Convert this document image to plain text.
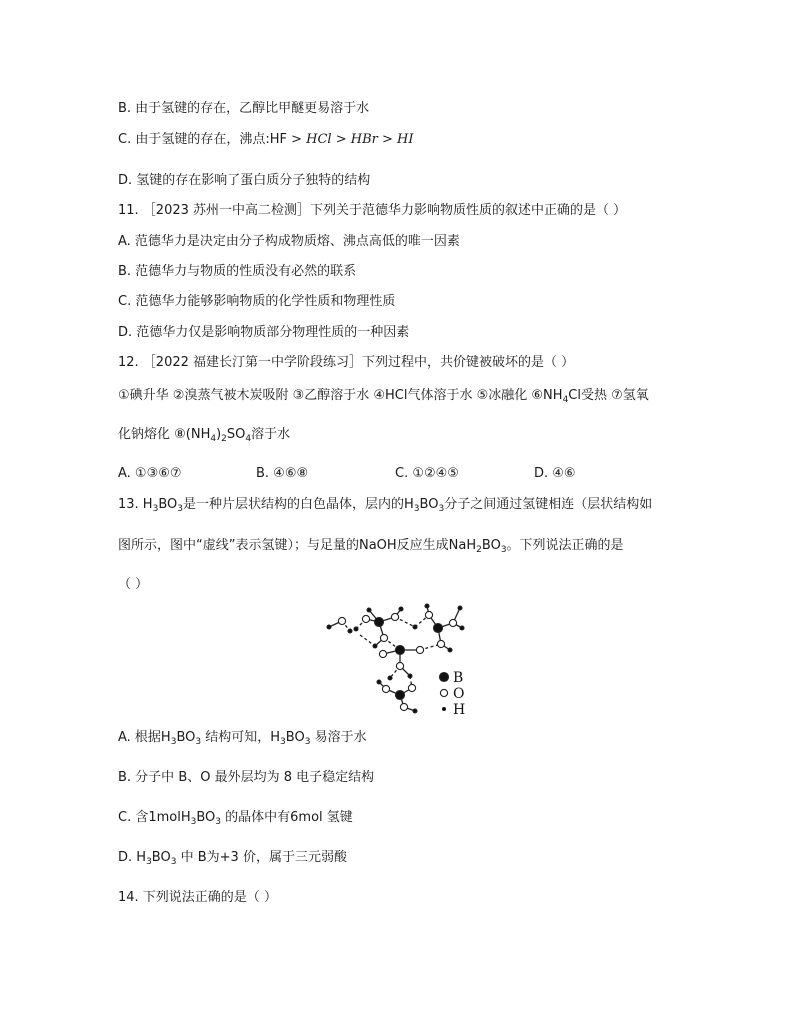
B. 由于氢键的存在，乙醇比甲醚更易溶于水
C. 由于氢键的存在，沸点:HF > HCl > HBr > HI
D. 氢键的存在影响了蛋白质分子独特的结构
11. ［2023 苏州一中高二检测］下列关于范德华力影响物质性质的叙述中正确的是（ ）
A. 范德华力是决定由分子构成物质熔、沸点高低的唯一因素
B. 范德华力与物质的性质没有必然的联系
C. 范德华力能够影响物质的化学性质和物理性质
D. 范德华力仅是影响物质部分物理性质的一种因素
12. ［2022 福建长汀第一中学阶段练习］下列过程中，共价键被破坏的是（ ）
①碘升华 ②溴蒸气被木炭吸附 ③乙醇溶于水 ④HCl气体溶于水 ⑤冰融化 $⑥NH_4Cl$受热 ⑦氢氧
化钠熔化 $⑧(NH_4)_2SO_4$溶于水
A. ①③⑥⑦	B. ④⑥⑧	C. ①②④⑤	D. ④⑥
13. $H_3BO_3$是一种片层状结构的白色晶体，层内的$H_3BO_3$分子之间通过氢键相连（层状结构如
图所示，图中“虚线”表示氢键）；与足量的NaOH反应生成$NaH_2BO_3$。下列说法正确的是
（ ）
B
O
H
A. 根据$H_3BO_3$ 结构可知，$H_3BO_3$ 易溶于水
B. 分子中 B、O 最外层均为 8 电子稳定结构
C. 含$1molH_3BO_3$ 的晶体中有6mol 氢键
D. $H_3BO_3$ 中 B为+3 价，属于三元弱酸
14. 下列说法正确的是（ ）
